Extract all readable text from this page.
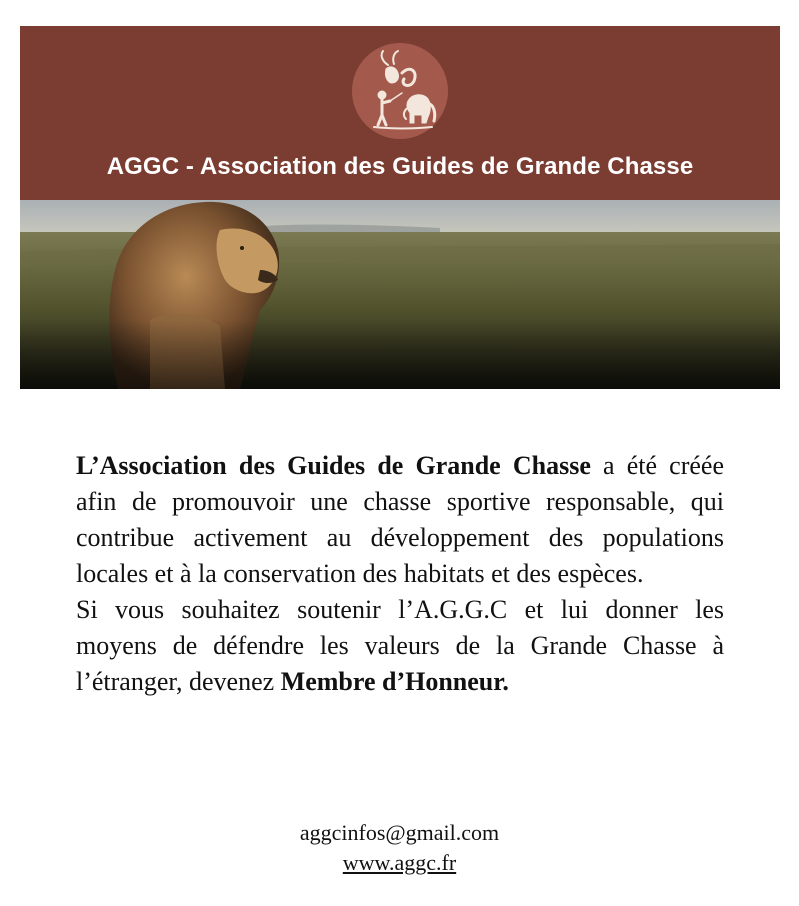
AGGC - Association des Guides de Grande Chasse

L’Association des Guides de Grande Chasse a été créée afin de promouvoir une chasse sportive responsable, qui contribue activement au développement des populations locales et à la conservation des habitats et des espèces.

Si vous souhaitez soutenir l’A.G.G.C et lui donner les moyens de défendre les valeurs de la Grande Chasse à l’étranger, devenez Membre d’Honneur.

aggcinfos@gmail.com
www.aggc.fr
